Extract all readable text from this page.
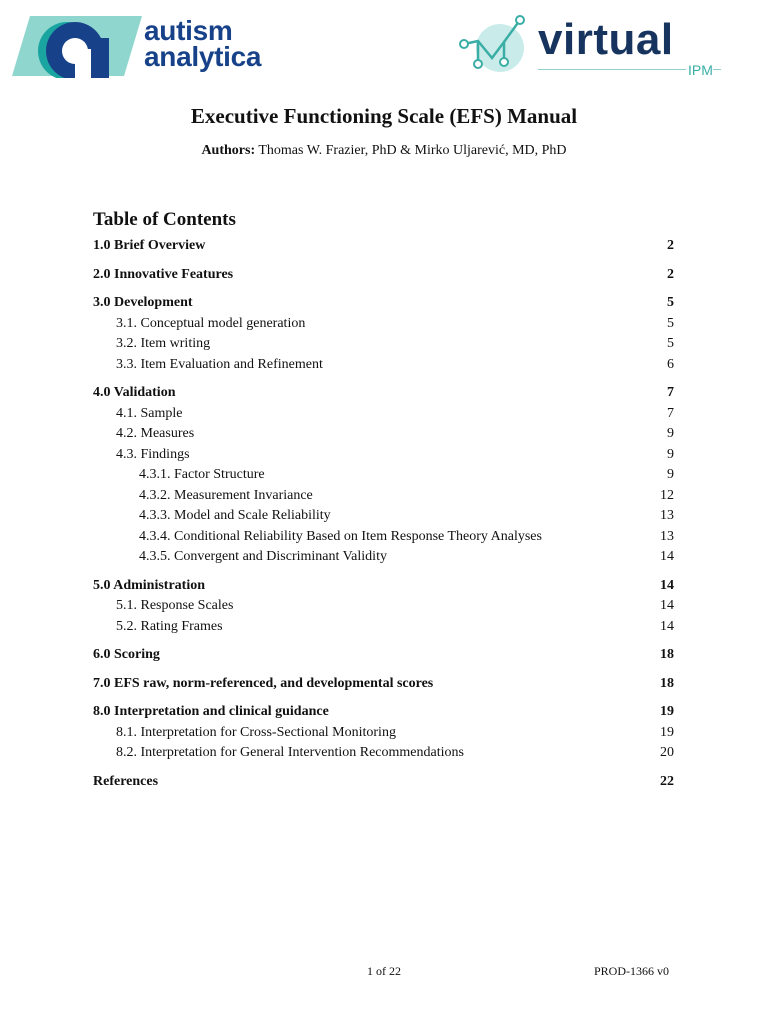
autism
analytica	virtual
IPM
Executive Functioning Scale (EFS) Manual
Authors: Thomas W. Frazier, PhD & Mirko Uljarević, MD, PhD
Table of Contents
1.0 Brief Overview	2
2.0 Innovative Features	2
3.0 Development	5
3.1. Conceptual model generation	5
3.2. Item writing	5
3.3. Item Evaluation and Refinement	6
4.0 Validation	7
4.1. Sample	7
4.2. Measures	9
4.3. Findings	9
4.3.1. Factor Structure	9
4.3.2. Measurement Invariance	12
4.3.3. Model and Scale Reliability	13
4.3.4. Conditional Reliability Based on Item Response Theory Analyses	13
4.3.5. Convergent and Discriminant Validity	14
5.0 Administration	14
5.1. Response Scales	14
5.2. Rating Frames	14
6.0 Scoring	18
7.0 EFS raw, norm-referenced, and developmental scores	18
8.0 Interpretation and clinical guidance	19
8.1. Interpretation for Cross-Sectional Monitoring	19
8.2. Interpretation for General Intervention Recommendations	20
References	22
1 of 22	PROD-1366 v0
